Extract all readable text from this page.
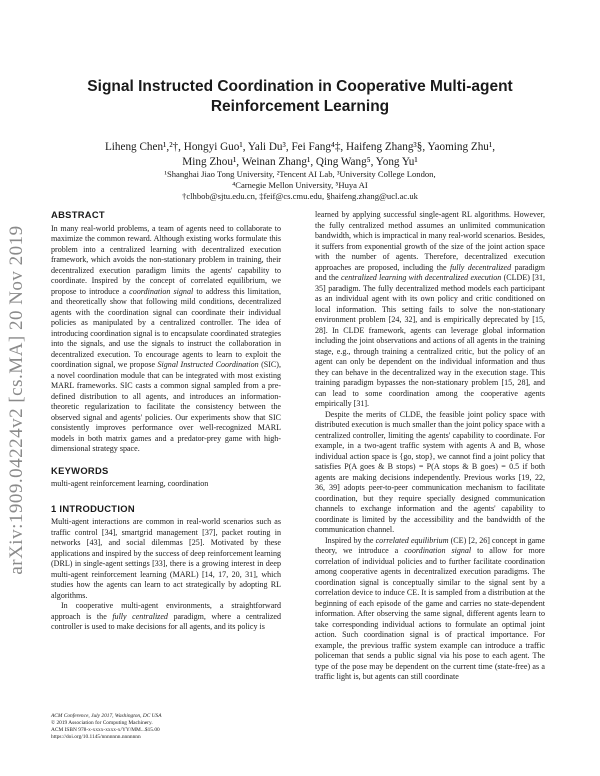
arXiv:1909.04224v2 [cs.MA] 20 Nov 2019
Signal Instructed Coordination in Cooperative Multi-agent
Reinforcement Learning
Liheng Chen¹,²†, Hongyi Guo¹, Yali Du³, Fei Fang⁴‡, Haifeng Zhang³§, Yaoming Zhu¹,
Ming Zhou¹, Weinan Zhang¹, Qing Wang⁵, Yong Yu¹
¹Shanghai Jiao Tong University, ²Tencent AI Lab, ³University College London,
⁴Carnegie Mellon University, ⁵Huya AI
†clhbob@sjtu.edu.cn, ‡feif@cs.cmu.edu, §haifeng.zhang@ucl.ac.uk
ABSTRACT

In many real-world problems, a team of agents need to collaborate to maximize the common reward. Although existing works formulate this problem into a centralized learning with decentralized execution framework, which avoids the non-stationary problem in training, their decentralized execution paradigm limits the agents' capability to coordinate. Inspired by the concept of correlated equilibrium, we propose to introduce a coordination signal to address this limitation, and theoretically show that following mild conditions, decentralized agents with the coordination signal can coordinate their individual policies as manipulated by a centralized controller. The idea of introducing coordination signal is to encapsulate coordinated strategies into the signals, and use the signals to instruct the collaboration in decentralized execution. To encourage agents to learn to exploit the coordination signal, we propose Signal Instructed Coordination (SIC), a novel coordination module that can be integrated with most existing MARL frameworks. SIC casts a common signal sampled from a pre-defined distribution to all agents, and introduces an information-theoretic regularization to facilitate the consistency between the observed signal and agents' policies. Our experiments show that SIC consistently improves performance over well-recognized MARL models in both matrix games and a predator-prey game with high-dimensional strategy space.

KEYWORDS

multi-agent reinforcement learning, coordination

1 INTRODUCTION

Multi-agent interactions are common in real-world scenarios such as traffic control [34], smartgrid management [37], packet routing in networks [43], and social dilemmas [25]. Motivated by these applications and inspired by the success of deep reinforcement learning (DRL) in single-agent settings [33], there is a growing interest in deep multi-agent reinforcement learning (MARL) [14, 17, 20, 31], which studies how the agents can learn to act strategically by adopting RL algorithms.

In cooperative multi-agent environments, a straightforward approach is the fully centralized paradigm, where a centralized controller is used to make decisions for all agents, and its policy is

ACM Conference, July 2017, Washington, DC USA
© 2019 Association for Computing Machinery.
ACM ISBN 978-x-xxxx-xxxx-x/YY/MM...$15.00
https://doi.org/10.1145/nnnnnnn.nnnnnnn

learned by applying successful single-agent RL algorithms. However, the fully centralized method assumes an unlimited communication bandwidth, which is impractical in many real-world scenarios. Besides, it suffers from exponential growth of the size of the joint action space with the number of agents. Therefore, decentralized execution approaches are proposed, including the fully decentralized paradigm and the centralized learning with decentralized execution (CLDE) [31, 35] paradigm. The fully decentralized method models each participant as an individual agent with its own policy and critic conditioned on local information. This setting fails to solve the non-stationary environment problem [24, 32], and is empirically deprecated by [15, 28]. In CLDE framework, agents can leverage global information including the joint observations and actions of all agents in the training stage, e.g., through training a centralized critic, but the policy of an agent can only be dependent on the individual information and thus they can behave in the decentralized way in the execution stage. This training paradigm bypasses the non-stationary problem [15, 28], and can lead to some coordination among the cooperative agents empirically [31].

Despite the merits of CLDE, the feasible joint policy space with distributed execution is much smaller than the joint policy space with a centralized controller, limiting the agents' capability to coordinate. For example, in a two-agent traffic system with agents A and B, whose individual action space is {go, stop}, we cannot find a joint policy that satisfies P(A goes & B stops) = P(A stops & B goes) = 0.5 if both agents are making decisions independently. Previous works [19, 22, 36, 39] adopts peer-to-peer communication mechanism to facilitate coordination, but they require specially designed communication channels to exchange information and the agents' capability to coordinate is limited by the accessibility and the bandwidth of the communication channel.

Inspired by the correlated equilibrium (CE) [2, 26] concept in game theory, we introduce a coordination signal to allow for more correlation of individual policies and to further facilitate coordination among cooperative agents in decentralized execution paradigms. The coordination signal is conceptually similar to the signal sent by a correlation device to induce CE. It is sampled from a distribution at the beginning of each episode of the game and carries no state-dependent information. After observing the same signal, different agents learn to take corresponding individual actions to formulate an optimal joint action. Such coordination signal is of practical importance. For example, the previous traffic system example can introduce a traffic policeman that sends a public signal via his pose to each agent. The type of the pose may be dependent on the current time (state-free) as a traffic light is, but agents can still coordinate
